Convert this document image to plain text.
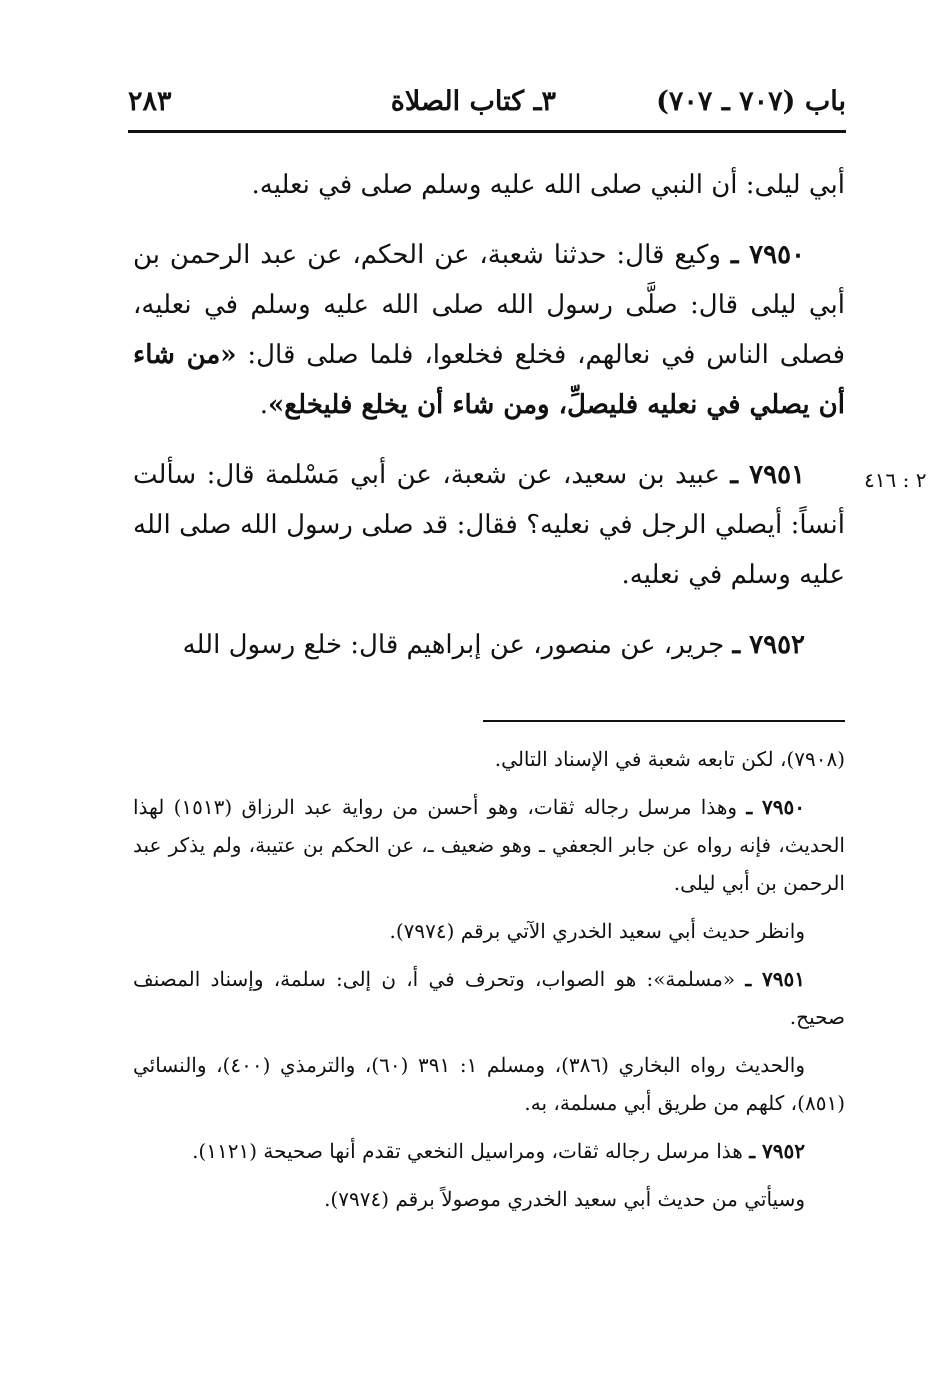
باب (٧٠٧ ـ ٧٠٧)
٣ـ كتاب الصلاة
٢٨٣
٢ : ٤١٦

أبي ليلى: أن النبي صلى الله عليه وسلم صلى في نعليه.

٧٩٥٠ ـ وكيع قال: حدثنا شعبة، عن الحكم، عن عبد الرحمن بن أبي ليلى قال: صلَّى رسول الله صلى الله عليه وسلم في نعليه، فصلى الناس في نعالهم، فخلع فخلعوا، فلما صلى قال: «من شاء أن يصلي في نعليه فليصلِّ، ومن شاء أن يخلع فليخلع».

٧٩٥١ ـ عبيد بن سعيد، عن شعبة، عن أبي مَسْلمة قال: سألت أنساً: أيصلي الرجل في نعليه؟ فقال: قد صلى رسول الله صلى الله عليه وسلم في نعليه.

٧٩٥٢ ـ جرير، عن منصور، عن إبراهيم قال: خلع رسول الله

(٧٩٠٨)، لكن تابعه شعبة في الإسناد التالي.

٧٩٥٠ ـ وهذا مرسل رجاله ثقات، وهو أحسن من رواية عبد الرزاق (١٥١٣) لهذا الحديث، فإنه رواه عن جابر الجعفي ـ وهو ضعيف ـ، عن الحكم بن عتيبة، ولم يذكر عبد الرحمن بن أبي ليلى.

وانظر حديث أبي سعيد الخدري الآتي برقم (٧٩٧٤).

٧٩٥١ ـ «مسلمة»: هو الصواب، وتحرف في أ، ن إلى: سلمة، وإسناد المصنف صحيح.

والحديث رواه البخاري (٣٨٦)، ومسلم ١: ٣٩١ (٦٠)، والترمذي (٤٠٠)، والنسائي (٨٥١)، كلهم من طريق أبي مسلمة، به.

٧٩٥٢ ـ هذا مرسل رجاله ثقات، ومراسيل النخعي تقدم أنها صحيحة (١١٢١).

وسيأتي من حديث أبي سعيد الخدري موصولاً برقم (٧٩٧٤).
